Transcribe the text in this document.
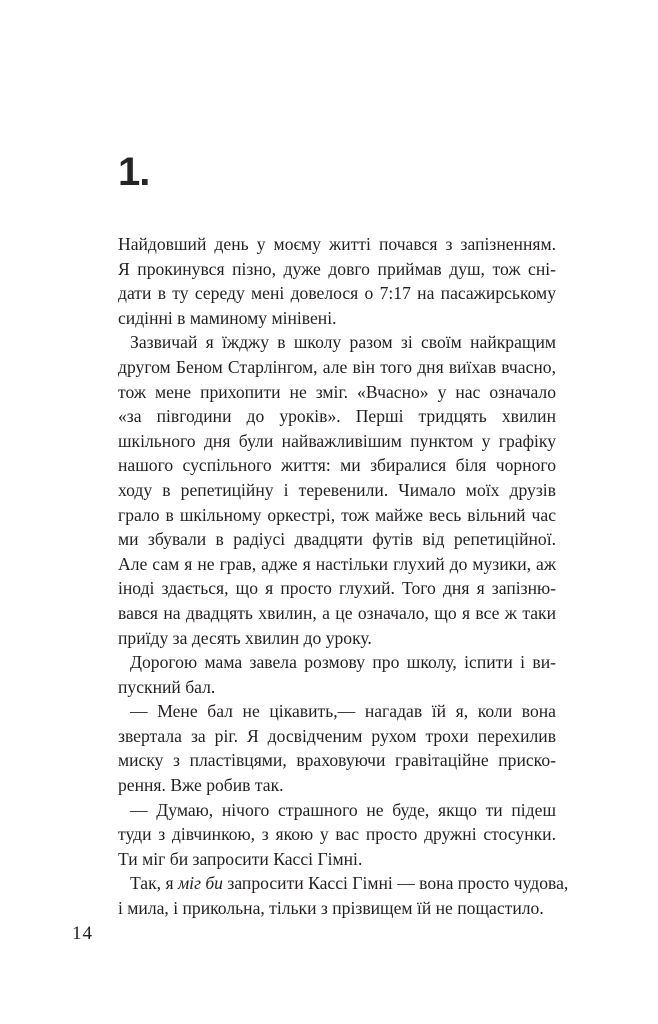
1.
Найдовший день у моєму житті почався з запізненням.
Я прокинувся пізно, дуже довго приймав душ, тож сні-
дати в ту середу мені довелося о 7:17 на пасажирському
сидінні в маминому мінівені.
Зазвичай я їжджу в школу разом зі своїм найкращим
другом Беном Старлінгом, але він того дня виїхав вчасно,
тож мене прихопити не зміг. «Вчасно» у нас означало
«за півгодини до уроків». Перші тридцять хвилин
шкільного дня були найважливішим пунктом у графіку
нашого суспільного життя: ми збиралися біля чорного
ходу в репетиційну і теревенили. Чимало моїх друзів
грало в шкільному оркестрі, тож майже весь вільний час
ми збували в радіусі двадцяти футів від репетиційної.
Але сам я не грав, адже я настільки глухий до музики, аж
іноді здається, що я просто глухий. Того дня я запізню-
вався на двадцять хвилин, а це означало, що я все ж таки
приїду за десять хвилин до уроку.
Дорогою мама завела розмову про школу, іспити і ви-
пускний бал.
— Мене бал не цікавить,— нагадав їй я, коли вона
звертала за ріг. Я досвідченим рухом трохи перехилив
миску з пластівцями, враховуючи гравітаційне приско-
рення. Вже робив так.
— Думаю, нічого страшного не буде, якщо ти підеш
туди з дівчинкою, з якою у вас просто дружні стосунки.
Ти міг би запросити Кассі Гімні.
Так, я міг би запросити Кассі Гімні — вона просто чудова,
і мила, і прикольна, тільки з прізвищем їй не пощастило.
14
